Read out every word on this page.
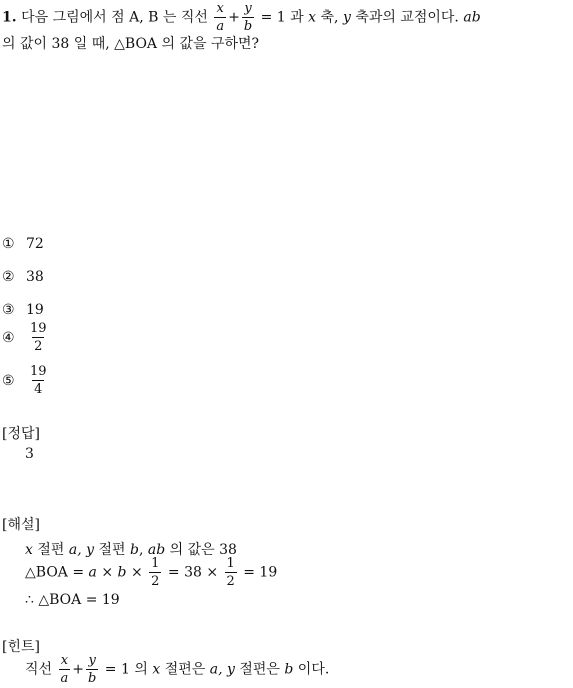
1. 다음 그림에서 점 A, B 는 직선 $\frac{x}{a} + \frac{y}{b} = 1$ 과 x 축, y 축과의 교점이다. ab
의 값이 38 일 때, △BOA 의 값을 구하면?
① 72
② 38
③ 19
④ $\frac{19}{2}$
⑤ $\frac{19}{4}$
[정답]
3
[해설]
x 절편 a, y 절편 b, ab 의 값은 38
△BOA = $a \times b \times \frac{1}{2} = 38 \times \frac{1}{2} = 19$
∴ △BOA = 19
[힌트]
직선 $\frac{x}{a} + \frac{y}{b} = 1$ 의 x 절편은 a, y 절편은 b 이다.
